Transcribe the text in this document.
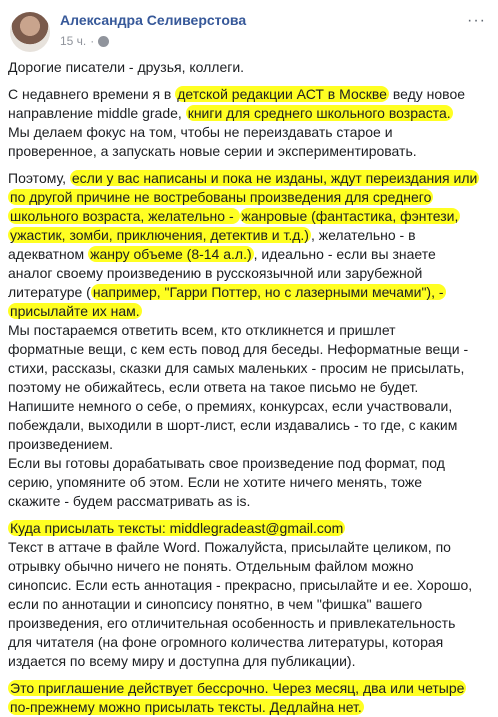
Александра Селиверстова
15 ч. ·
···

Дорогие писатели - друзья, коллеги.

С недавнего времени я в детской редакции АСТ в Москве веду новое
направление middle grade, книги для среднего школьного возраста.
Мы делаем фокус на том, чтобы не переиздавать старое и
проверенное, а запускать новые серии и экспериментировать.

Поэтому, если у вас написаны и пока не изданы, ждут переиздания или
по другой причине не востребованы произведения для среднего
школьного возраста, желательно - жанровые (фантастика, фэнтези,
ужастик, зомби, приключения, детектив и т.д.) , желательно - в
адекватном жанру объеме (8-14 а.л.) , идеально - если вы знаете
аналог своему произведению в русскоязычной или зарубежной
литературе ( например, "Гарри Поттер, но с лазерными мечами"), -
присылайте их нам.
Мы постараемся ответить всем, кто откликнется и пришлет
форматные вещи, с кем есть повод для беседы. Неформатные вещи -
стихи, рассказы, сказки для самых маленьких - просим не присылать,
поэтому не обижайтесь, если ответа на такое письмо не будет.
Напишите немного о себе, о премиях, конкурсах, если участвовали,
побеждали, выходили в шорт-лист, если издавались - то где, с каким
произведением.
Если вы готовы дорабатывать свое произведение под формат, под
серию, упомяните об этом. Если не хотите ничего менять, тоже
скажите - будем рассматривать as is.

Куда присылать тексты: middlegradeast@gmail.com
Текст в аттаче в файле Word. Пожалуйста, присылайте целиком, по
отрывку обычно ничего не понять. Отдельным файлом можно
синопсис. Если есть аннотация - прекрасно, присылайте и ее. Хорошо,
если по аннотации и синопсису понятно, в чем "фишка" вашего
произведения, его отличительная особенность и привлекательность
для читателя (на фоне огромного количества литературы, которая
издается по всему миру и доступна для публикации).

Это приглашение действует бессрочно. Через месяц, два или четыре
по-прежнему можно присылать тексты. Дедлайна нет.
